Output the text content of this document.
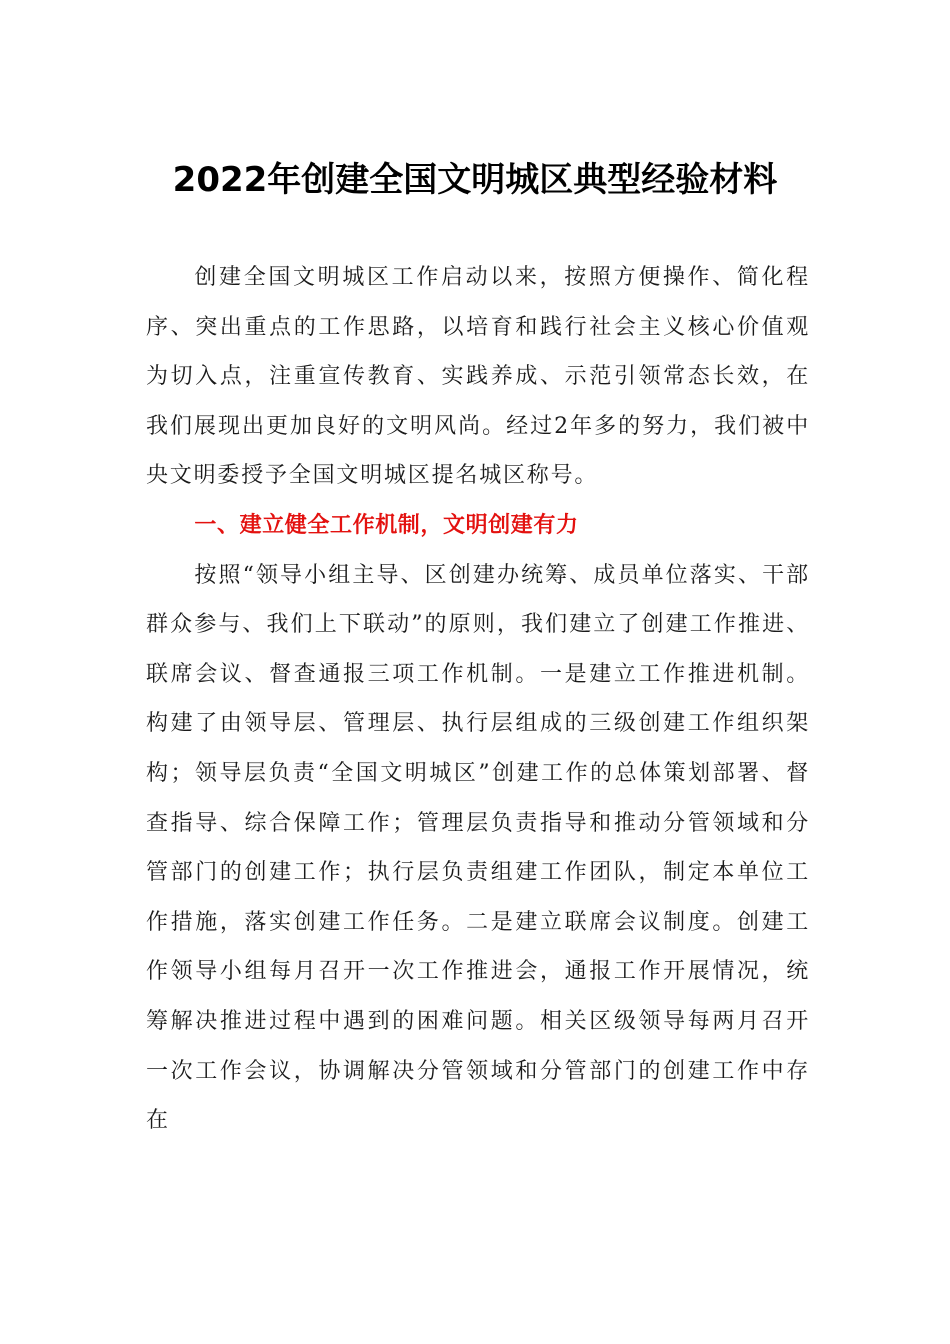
2022年创建全国文明城区典型经验材料

创建全国文明城区工作启动以来，按照方便操作、简化程序、突出重点的工作思路，以培育和践行社会主义核心价值观为切入点，注重宣传教育、实践养成、示范引领常态长效，在我们展现出更加良好的文明风尚。经过2年多的努力，我们被中央文明委授予全国文明城区提名城区称号。

一、建立健全工作机制，文明创建有力

按照“领导小组主导、区创建办统筹、成员单位落实、干部群众参与、我们上下联动”的原则，我们建立了创建工作推进、联席会议、督查通报三项工作机制。一是建立工作推进机制。构建了由领导层、管理层、执行层组成的三级创建工作组织架构；领导层负责“全国文明城区”创建工作的总体策划部署、督查指导、综合保障工作；管理层负责指导和推动分管领域和分管部门的创建工作；执行层负责组建工作团队，制定本单位工作措施，落实创建工作任务。二是建立联席会议制度。创建工作领导小组每月召开一次工作推进会，通报工作开展情况，统筹解决推进过程中遇到的困难问题。相关区级领导每两月召开一次工作会议，协调解决分管领域和分管部门的创建工作中存在
